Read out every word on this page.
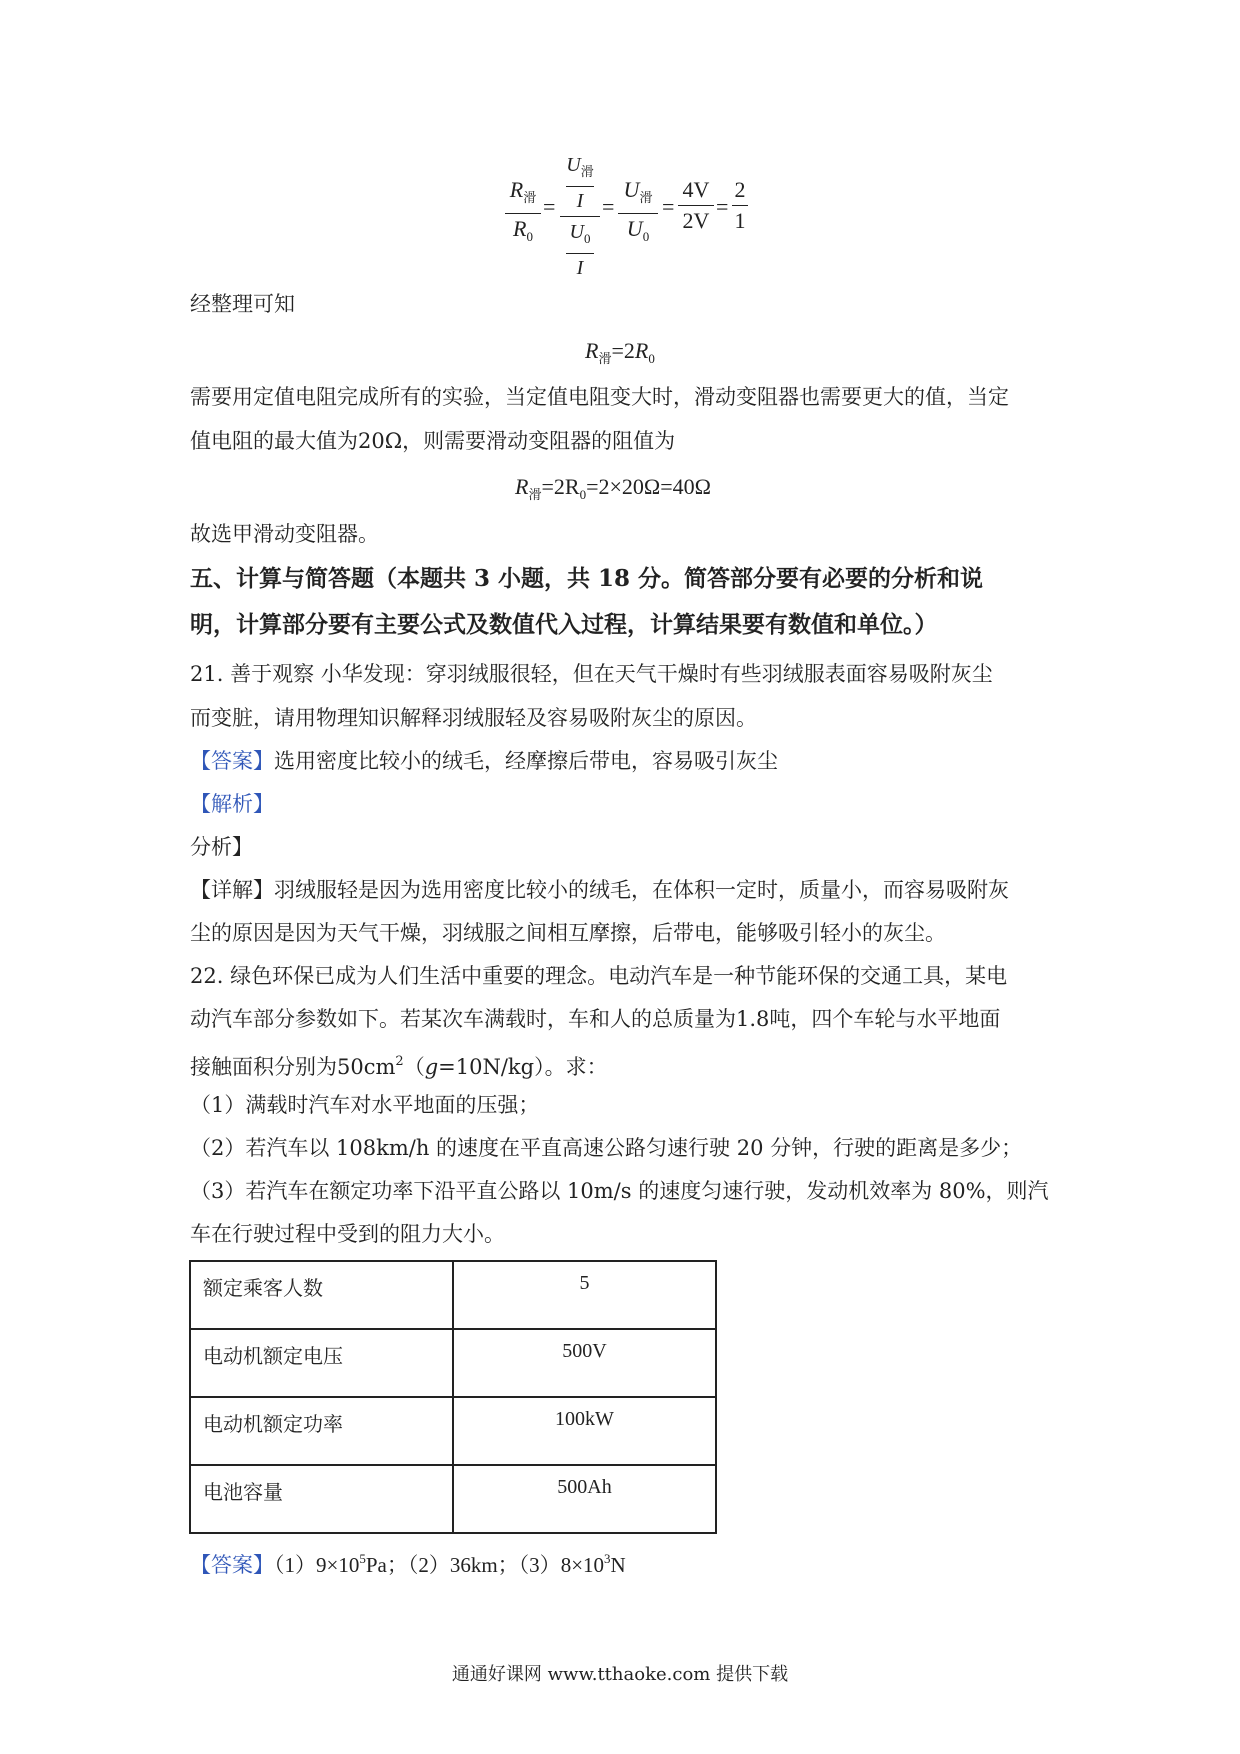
$R_滑$
$R_0$
=
$U_滑$
I
$U_0$
I
=
$U_滑$
$U_0$
=
4V
2V
=
2
1
经整理可知
$R_滑=2R_0$
需要用定值电阻完成所有的实验，当定值电阻变大时，滑动变阻器也需要更大的值，当定
值电阻的最大值为20Ω，则需要滑动变阻器的阻值为
$R_滑=2R_0=2\times 20\Omega=40\Omega$
故选甲滑动变阻器。
五、计算与简答题（本题共 3 小题，共 18 分。简答部分要有必要的分析和说
明，计算部分要有主要公式及数值代入过程，计算结果要有数值和单位。）
21. 善于观察 小华发现：穿羽绒服很轻，但在天气干燥时有些羽绒服表面容易吸附灰尘
而变脏，请用物理知识解释羽绒服轻及容易吸附灰尘的原因。
【答案】选用密度比较小的绒毛，经摩擦后带电，容易吸引灰尘
【解析】
分析】
【详解】羽绒服轻是因为选用密度比较小的绒毛，在体积一定时，质量小，而容易吸附灰
尘的原因是因为天气干燥，羽绒服之间相互摩擦，后带电，能够吸引轻小的灰尘。
22. 绿色环保已成为人们生活中重要的理念。电动汽车是一种节能环保的交通工具，某电
动汽车部分参数如下。若某次车满载时，车和人的总质量为1.8吨，四个车轮与水平地面
接触面积分别为$50cm^2(g=10N/kg)$。求：
（1）满载时汽车对水平地面的压强；
（2）若汽车以 108km/h 的速度在平直高速公路匀速行驶 20 分钟，行驶的距离是多少；
（3）若汽车在额定功率下沿平直公路以 10m/s 的速度匀速行驶，发动机效率为 80%，则汽
车在行驶过程中受到的阻力大小。
额定乘客人数	5
电动机额定电压	500V
电动机额定功率	100kW
电池容量	500Ah
【答案】$(1)9\times 10^5Pa$；（2）36km；$(3)8\times 10^3N$
通通好课网 www.tthaoke.com 提供下载
